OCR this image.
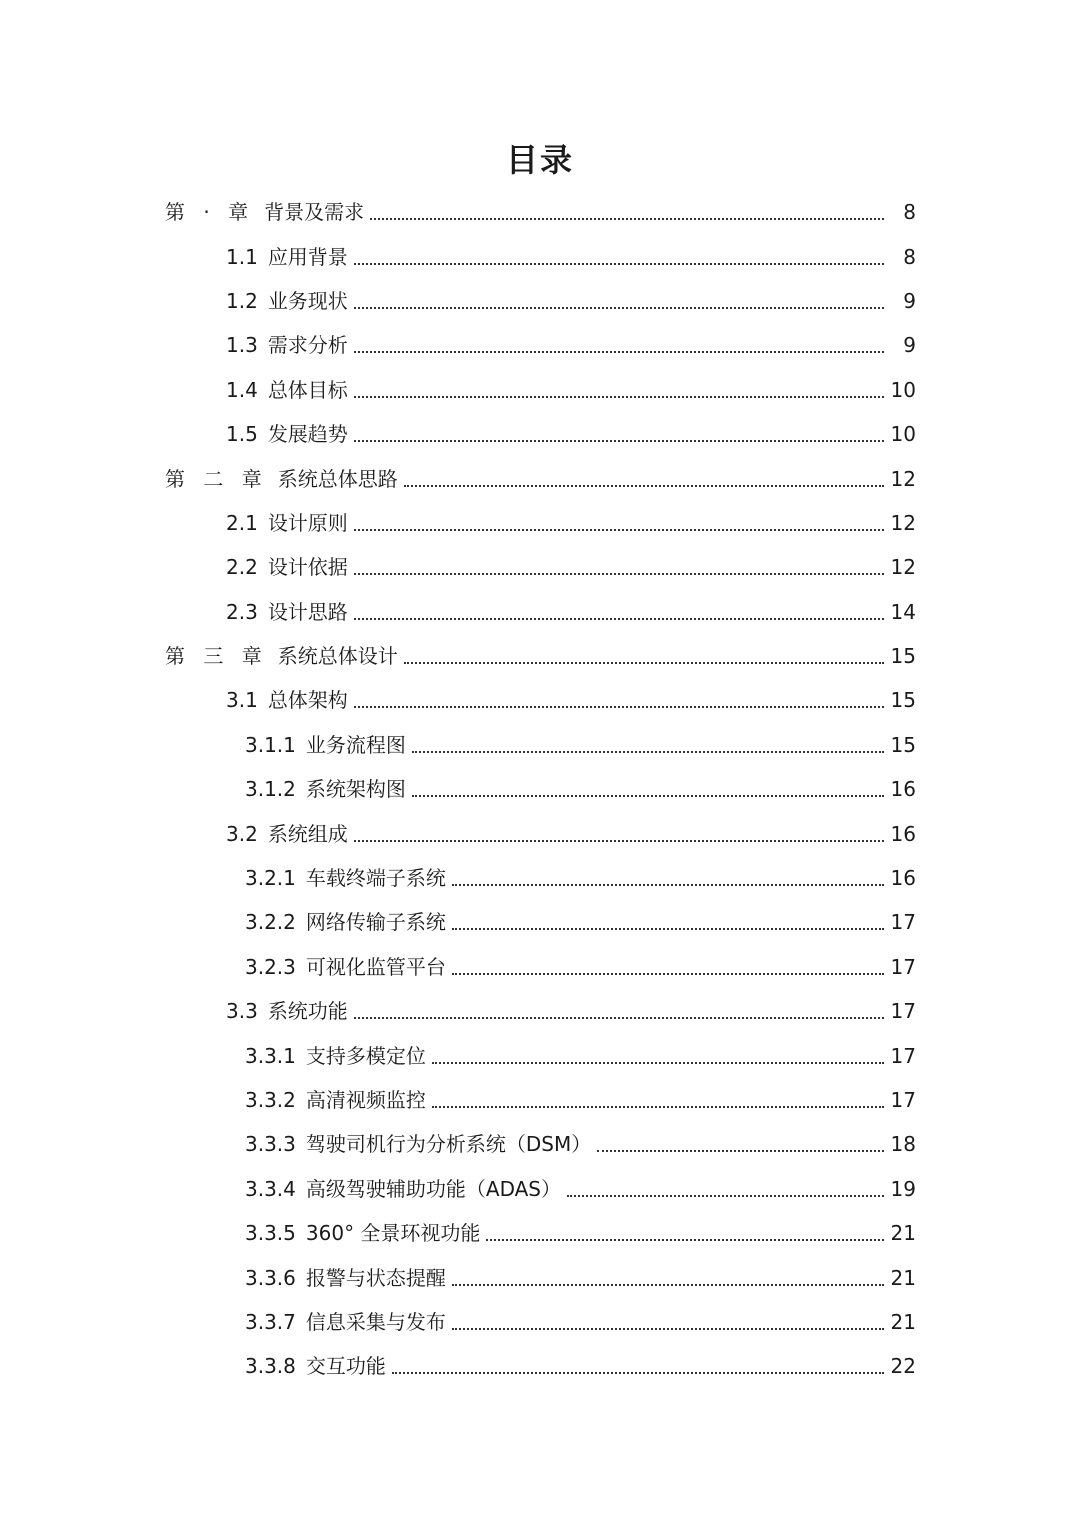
目录
第 · 章 背景及需求	8
1.1 应用背景	8
1.2 业务现状	9
1.3 需求分析	9
1.4 总体目标	10
1.5 发展趋势	10
第 二 章 系统总体思路	12
2.1 设计原则	12
2.2 设计依据	12
2.3 设计思路	14
第 三 章 系统总体设计	15
3.1 总体架构	15
3.1.1 业务流程图	15
3.1.2 系统架构图	16
3.2 系统组成	16
3.2.1 车载终端子系统	16
3.2.2 网络传输子系统	17
3.2.3 可视化监管平台	17
3.3 系统功能	17
3.3.1 支持多模定位	17
3.3.2 高清视频监控	17
3.3.3 驾驶司机行为分析系统（DSM）	18
3.3.4 高级驾驶辅助功能（ADAS）	19
3.3.5 360° 全景环视功能	21
3.3.6 报警与状态提醒	21
3.3.7 信息采集与发布	21
3.3.8 交互功能	22
